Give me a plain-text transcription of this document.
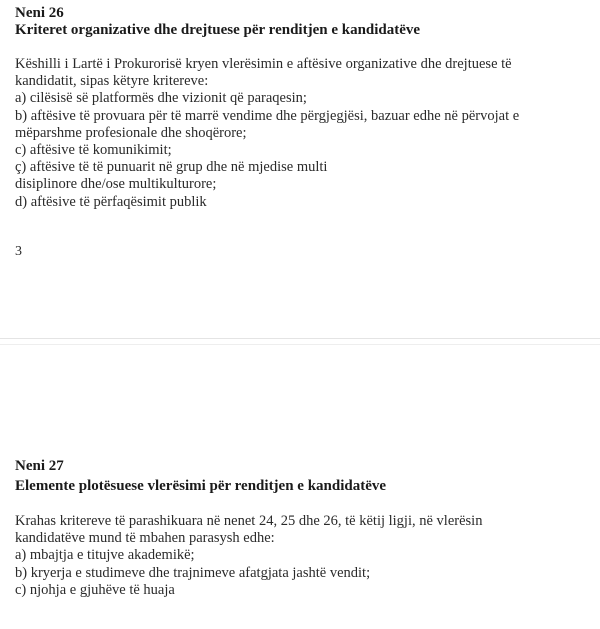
Neni 26
Kriteret organizative dhe drejtuese për renditjen e kandidatëve
Këshilli i Lartë i Prokurorisë kryen vlerësimin e aftësive organizative dhe drejtuese të
kandidatit, sipas këtyre kritereve:
a) cilësisë së platformës dhe vizionit që paraqesin;
b) aftësive të provuara për të marrë vendime dhe përgjegjësi, bazuar edhe në përvojat e
mëparshme profesionale dhe shoqërore;
c) aftësive të komunikimit;
ç) aftësive të të punuarit në grup dhe në mjedise multi
disiplinore dhe/ose multikulturore;
d) aftësive të përfaqësimit publik

3

Neni 27
Elemente plotësuese vlerësimi për renditjen e kandidatëve
Krahas kritereve të parashikuara në nenet 24, 25 dhe 26, të këtij ligji, në vlerësin
kandidatëve mund të mbahen parasysh edhe:
a) mbajtja e titujve akademikë;
b) kryerja e studimeve dhe trajnimeve afatgjata jashtë vendit;
c) njohja e gjuhëve të huaja
